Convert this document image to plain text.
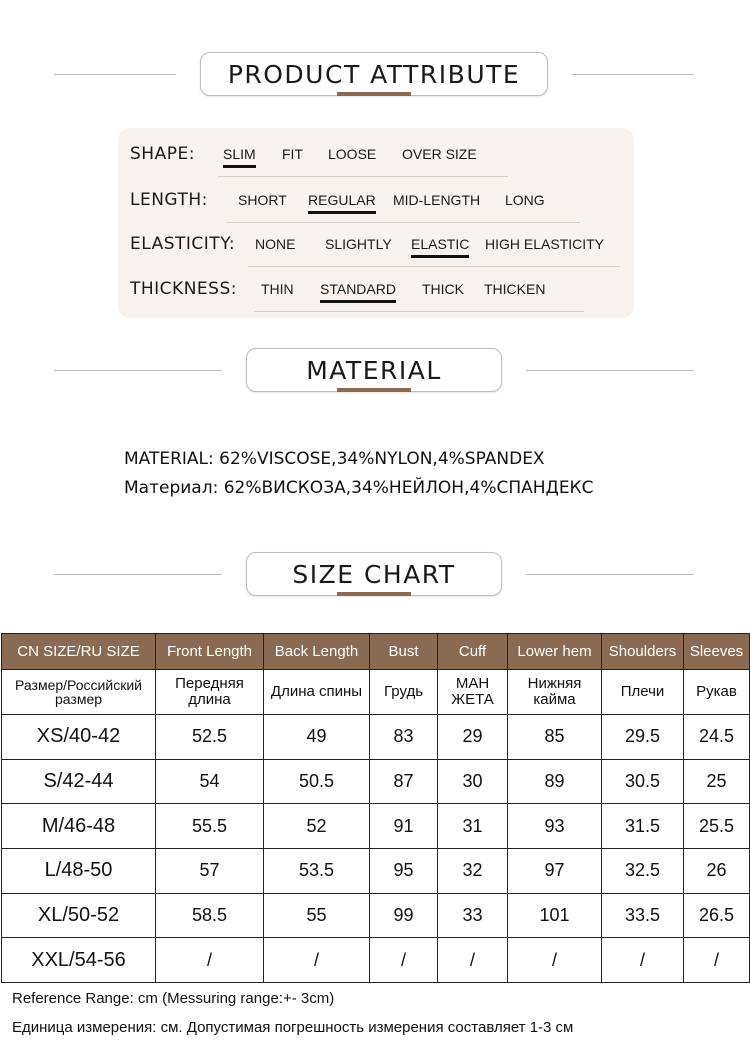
PRODUCT ATTRIBUTE
SHAPE: SLIM FIT LOOSE OVER SIZE
LENGTH: SHORT REGULAR MID-LENGTH LONG
ELASTICITY: NONE SLIGHTLY ELASTIC HIGH ELASTICITY
THICKNESS: THIN STANDARD THICK THICKEN
MATERIAL
MATERIAL: 62%VISCOSE,34%NYLON,4%SPANDEX
Материал: 62%ВИСКОЗА,34%НЕЙЛОН,4%СПАНДЕКС
SIZE CHART
CN SIZE/RU SIZE	Front Length	Back Length	Bust	Cuff	Lower hem	Shoulders	Sleeves
Размер/Российский размер	Передняя длина	Длина спины	Грудь	МАН ЖЕТА	Нижняя кайма	Плечи	Рукав
XS/40-42	52.5	49	83	29	85	29.5	24.5
S/42-44	54	50.5	87	30	89	30.5	25
M/46-48	55.5	52	91	31	93	31.5	25.5
L/48-50	57	53.5	95	32	97	32.5	26
XL/50-52	58.5	55	99	33	101	33.5	26.5
XXL/54-56	/	/	/	/	/	/	/
Reference Range: cm (Messuring range:+- 3cm)
Единица измерения: см. Допустимая погрешность измерения составляет 1-3 см
